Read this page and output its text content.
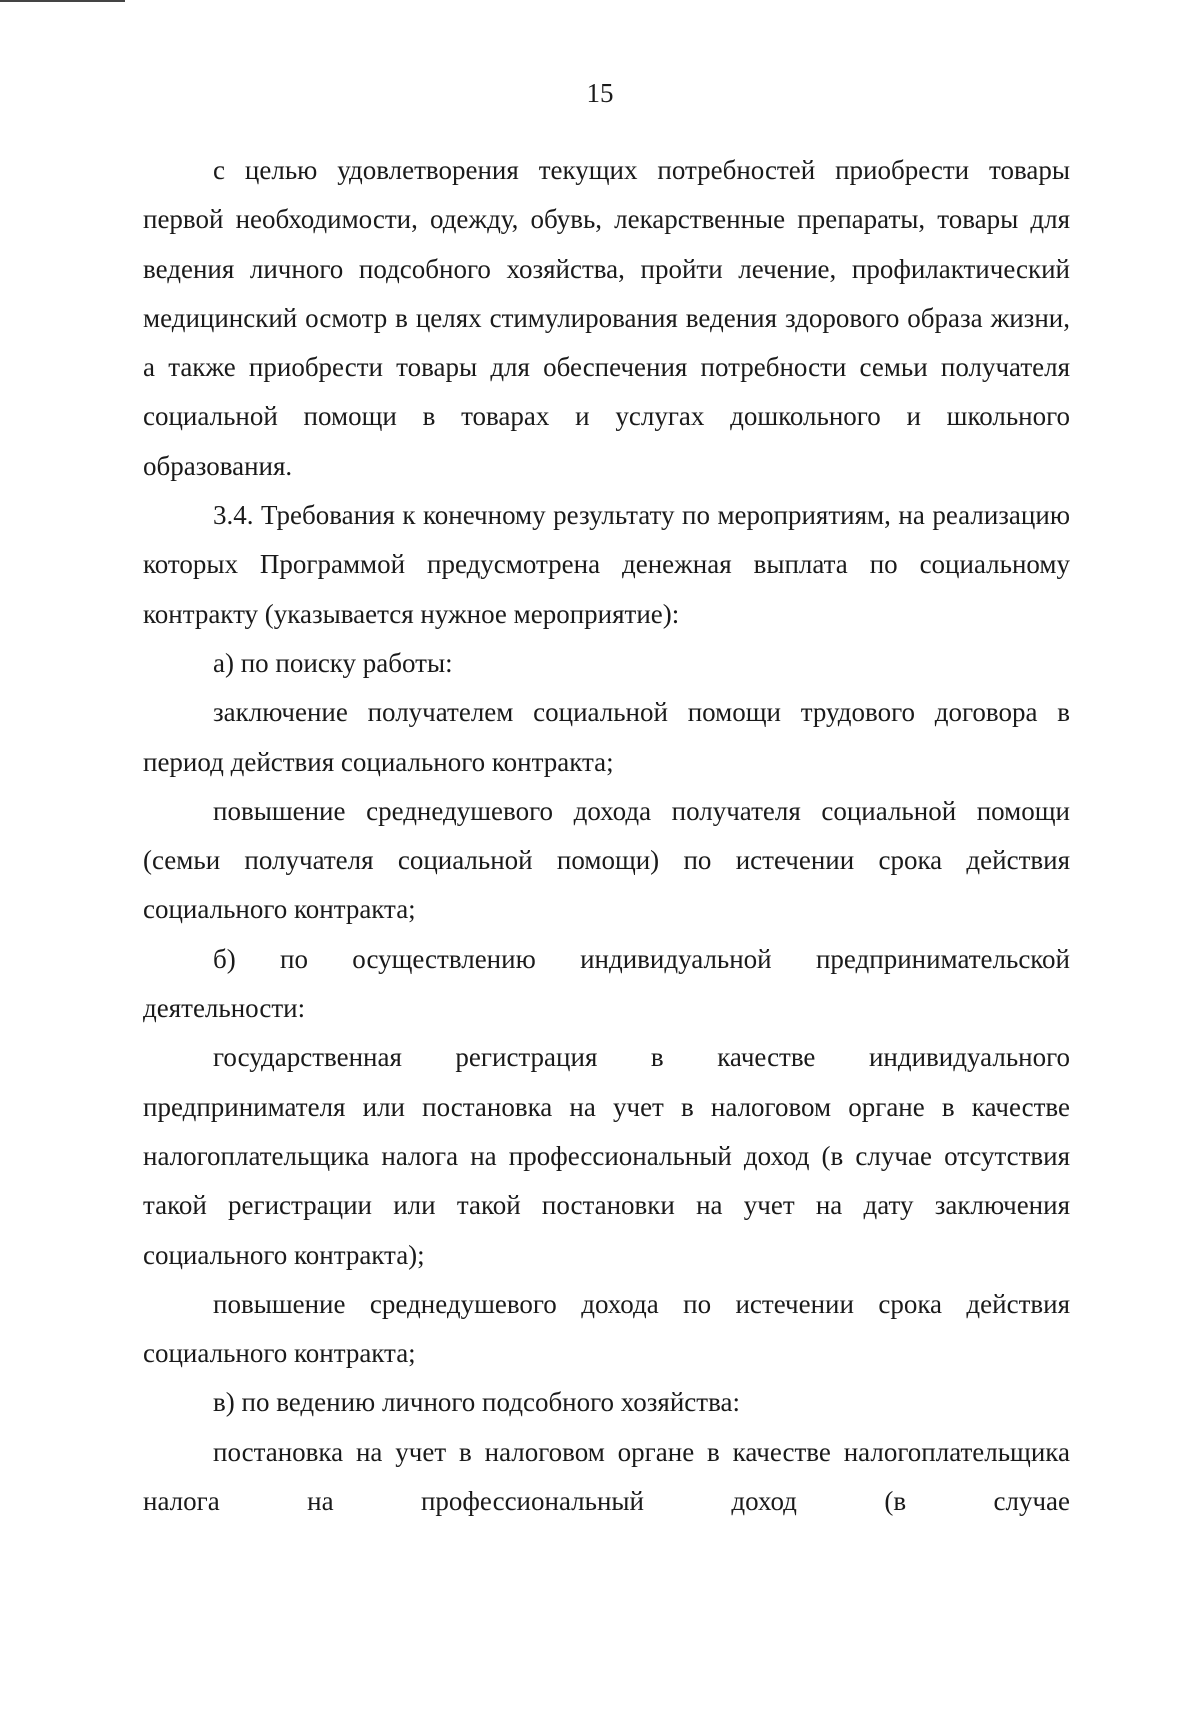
15

с целью удовлетворения текущих потребностей приобрести товары первой необходимости, одежду, обувь, лекарственные препараты, товары для ведения личного подсобного хозяйства, пройти лечение, профилактический медицинский осмотр в целях стимулирования ведения здорового образа жизни, а также приобрести товары для обеспечения потребности семьи получателя социальной помощи в товарах и услугах дошкольного и школьного образования.

3.4. Требования к конечному результату по мероприятиям, на реализацию которых Программой предусмотрена денежная выплата по социальному контракту (указывается нужное мероприятие):

а) по поиску работы:

заключение получателем социальной помощи трудового договора в период действия социального контракта;

повышение среднедушевого дохода получателя социальной помощи (семьи получателя социальной помощи) по истечении срока действия социального контракта;

б) по осуществлению индивидуальной предпринимательской деятельности:

государственная регистрация в качестве индивидуального предпринимателя или постановка на учет в налоговом органе в качестве налогоплательщика налога на профессиональный доход (в случае отсутствия такой регистрации или такой постановки на учет на дату заключения социального контракта);

повышение среднедушевого дохода по истечении срока действия социального контракта;

в) по ведению личного подсобного хозяйства:

постановка на учет в налоговом органе в качестве налогоплательщика налога на профессиональный доход (в случае
